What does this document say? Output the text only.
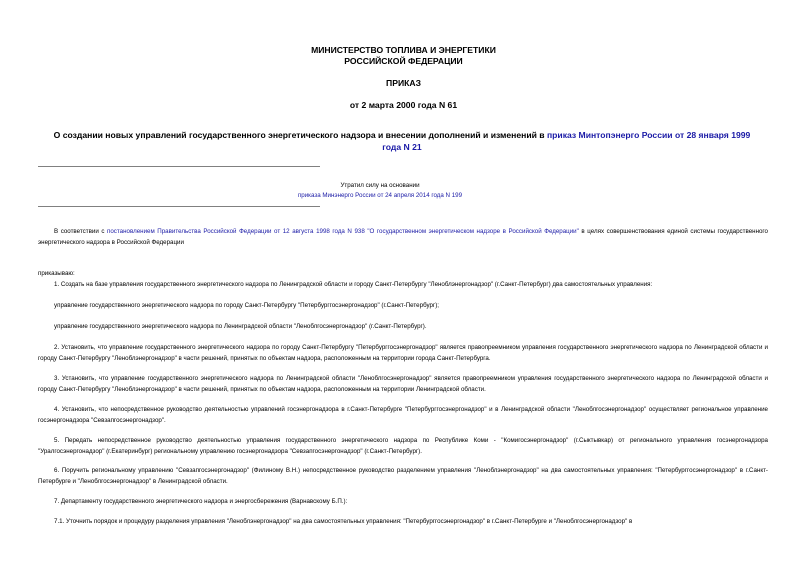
МИНИСТЕРСТВО ТОПЛИВА И ЭНЕРГЕТИКИ
РОССИЙСКОЙ ФЕДЕРАЦИИ
ПРИКАЗ
от 2 марта 2000 года N 61
О создании новых управлений государственного энергетического надзора и внесении дополнений и изменений в приказ Минтопэнерго России от 28 января 1999 года N 21
Утратил силу на основании
приказа Минэнерго России от 24 апреля 2014 года N 199

В соответствии с постановлением Правительства Российской Федерации от 12 августа 1998 года N 938 "О государственном энергетическом надзоре в Российской Федерации" в целях совершенствования единой системы государственного энергетического надзора в Российской Федерации

приказываю:

1. Создать на базе управления государственного энергетического надзора по Ленинградской области и городу Санкт-Петербургу "Леноблэнергонадзор" (г.Санкт-Петербург) два самостоятельных управления:

управление государственного энергетического надзора по городу Санкт-Петербургу "Петербурггосэнергонадзор" (г.Санкт-Петербург);

управление государственного энергетического надзора по Ленинградской области "Леноблгосэнергонадзор" (г.Санкт-Петербург).

2. Установить, что управление государственного энергетического надзора по городу Санкт-Петербургу "Петербурггосэнергонадзор" является правопреемником управления государственного энергетического надзора по Ленинградской области и городу Санкт-Петербургу "Леноблэнергонадзор" в части решений, принятых по объектам надзора, расположенным на территории города Санкт-Петербурга.

3. Установить, что управление государственного энергетического надзора по Ленинградской области "Леноблгосэнергонадзор" является правопреемником управления государственного энергетического надзора по Ленинградской области и городу Санкт-Петербургу "Леноблэнергонадзор" в части решений, принятых по объектам надзора, расположенным на территории Ленинградской области.

4. Установить, что непосредственное руководство деятельностью управлений госэнергонадзора в г.Санкт-Петербурге "Петербурггосэнергонадзор" и в Ленинградской области "Леноблгосэнергонадзор" осуществляет региональное управление госэнергонадзора "Севзапгосэнергонадзор".

5. Передать непосредственное руководство деятельностью управления государственного энергетического надзора по Республике Коми - "Комигосэнергонадзор" (г.Сыктывкар) от регионального управления госэнергонадзора "Уралгосэнергонадзор" (г.Екатеринбург) региональному управлению госэнергонадзора "Севзапгосэнергонадзор" (г.Санкт-Петербург).

6. Поручить региональному управлению "Севзапгосэнергонадзор" (Филиному В.Н.) непосредственное руководство разделением управления "Леноблэнергонадзор" на два самостоятельных управления: "Петербурггосэнергонадзор" в г.Санкт-Петербурге и "Леноблгосэнергонадзор" в Ленинградской области.

7. Департаменту государственного энергетического надзора и энергосбережения (Варнавскому Б.П.):

7.1. Уточнить порядок и процедуру разделения управления "Леноблэнергонадзор" на два самостоятельных управления: "Петербурггосэнергонадзор" в г.Санкт-Петербурге и "Леноблгосэнергонадзор" в
